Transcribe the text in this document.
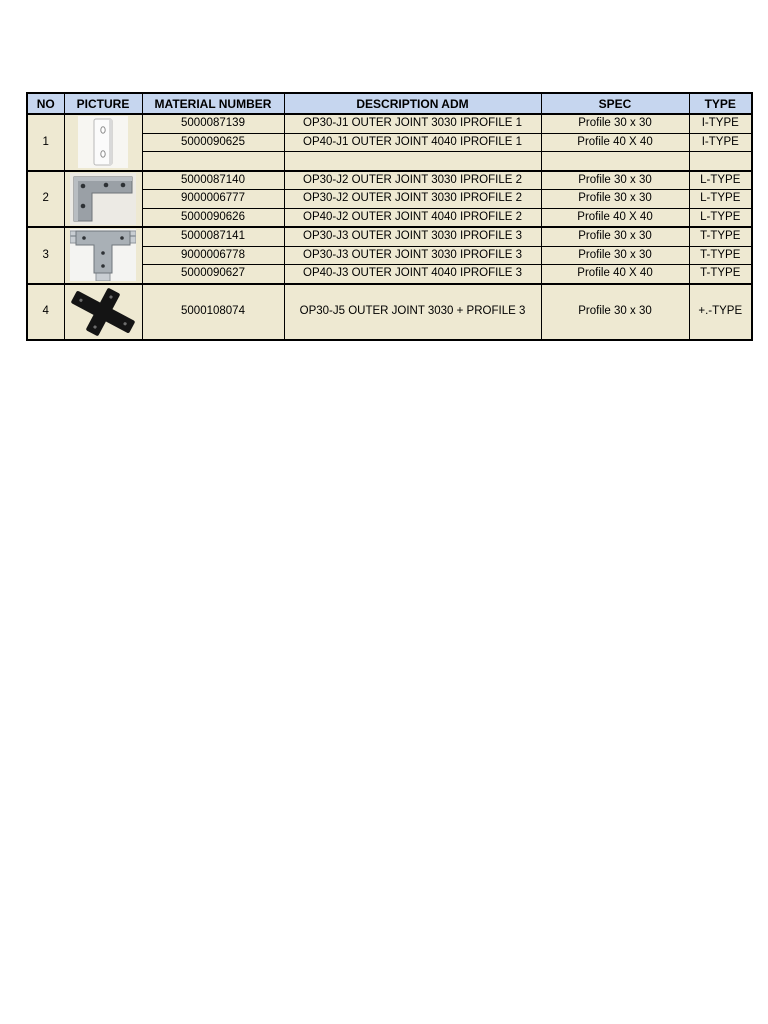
NO	PICTURE	MATERIAL NUMBER	DESCRIPTION ADM	SPEC	TYPE
1		5000087139	OP30-J1 OUTER JOINT 3030 IPROFILE 1	Profile 30 x 30	I-TYPE
		5000090625	OP40-J1 OUTER JOINT 4040 IPROFILE 1	Profile 40 X 40	I-TYPE

2		5000087140	OP30-J2 OUTER JOINT 3030 IPROFILE 2	Profile 30 x 30	L-TYPE
		9000006777	OP30-J2 OUTER JOINT 3030 IPROFILE 2	Profile 30 x 30	L-TYPE
		5000090626	OP40-J2 OUTER JOINT 4040 IPROFILE 2	Profile 40 X 40	L-TYPE
3		5000087141	OP30-J3 OUTER JOINT 3030 IPROFILE 3	Profile 30 x 30	T-TYPE
		9000006778	OP30-J3 OUTER JOINT 3030 IPROFILE 3	Profile 30 x 30	T-TYPE
		5000090627	OP40-J3 OUTER JOINT 4040 IPROFILE 3	Profile 40 X 40	T-TYPE
4		5000108074	OP30-J5 OUTER JOINT 3030 + PROFILE 3	Profile 30 x 30	+.-TYPE
